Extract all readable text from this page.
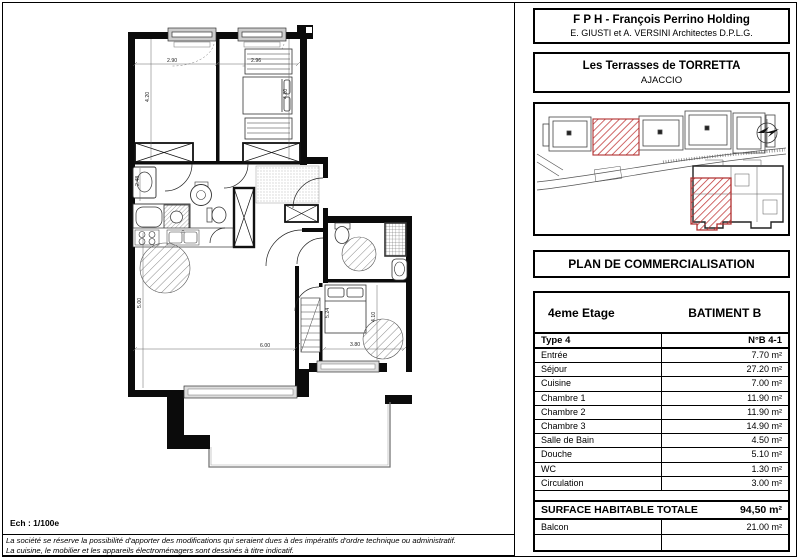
2.90	2.96
4.20	4.20
2.48
5.00
5.24
6.00	7	3.80
4.10
Ech : 1/100e
La société se réserve la possibilité d'apporter des modifications qui seraient dues à des impératifs d'ordre technique ou administratif.
La cuisine, le mobilier et les appareils électroménagers sont dessinés à titre indicatif.
F P H - François Perrino Holding
E. GIUSTI et A. VERSINI Architectes D.P.L.G.
Les Terrasses de TORRETTA
AJACCIO
PLAN DE COMMERCIALISATION
4eme Etage	BATIMENT B
Type 4	N°B 4-1
Entrée	7.70 m²
Séjour	27.20 m²
Cuisine	7.00 m²
Chambre 1	11.90 m²
Chambre 2	11.90 m²
Chambre 3	14.90 m²
Salle de Bain	4.50 m²
Douche	5.10 m²
WC	1.30 m²
Circulation	3.00 m²
SURFACE HABITABLE TOTALE	94,50 m²
Balcon	21.00 m²
